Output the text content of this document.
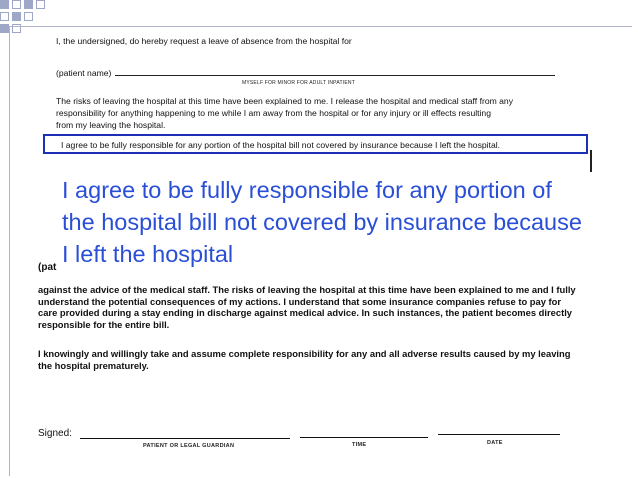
I, the undersigned, do hereby request a leave of absence from the hospital for
(patient name)
MYSELF FOR MINOR FOR ADULT INPATIENT
The risks of leaving the hospital at this time have been explained to me. I release the hospital and medical staff from any
responsibility for anything happening to me while I am away from the hospital or for any injury or ill effects resulting
from my leaving the hospital.
I agree to be fully responsible for any portion of the hospital bill not covered by insurance because I left the hospital.
(pat
against the advice of the medical staff. The risks of leaving the hospital at this time have been explained to me and I fully understand the potential consequences of my actions. I understand that some insurance companies refuse to pay for care provided during a stay ending in discharge against medical advice. In such instances, the patient becomes directly responsible for the entire bill.
I knowingly and willingly take and assume complete responsibility for any and all adverse results caused by my leaving the hospital prematurely.
Signed:
PATIENT OR LEGAL GUARDIAN	TIME	DATE
I agree to be fully responsible for any portion of the hospital bill not covered by insurance because I left the hospital
